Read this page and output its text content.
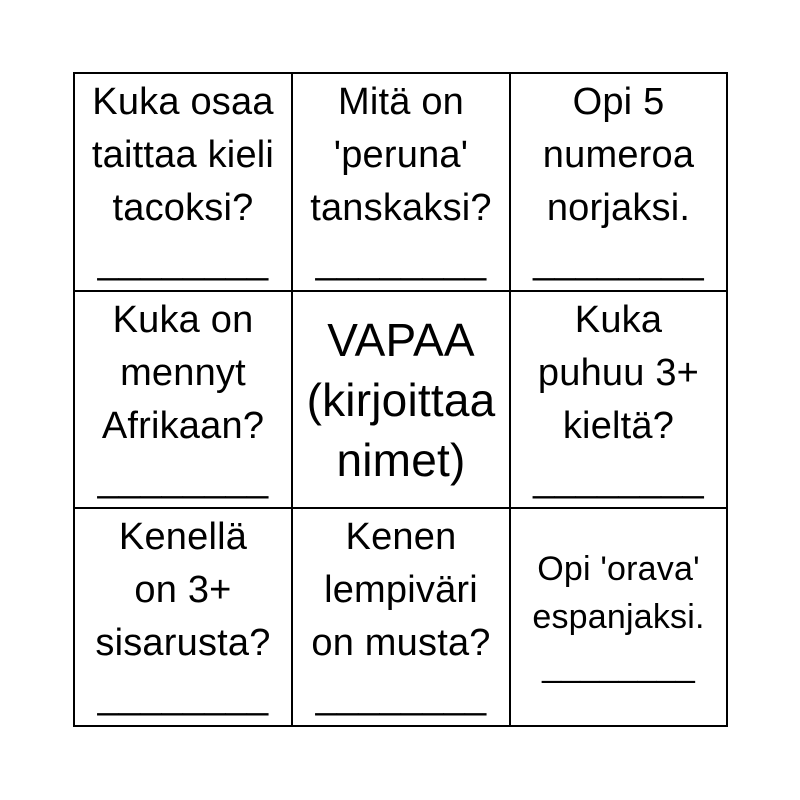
Kuka osaa
taittaa kieli
tacoksi?
________
Mitä on
'peruna'
tanskaksi?
________
Opi 5
numeroa
norjaksi.
________
Kuka on
mennyt
Afrikaan?
________
VAPAA
(kirjoittaa
nimet)
Kuka
puhuu 3+
kieltä?
________
Kenellä
on 3+
sisarusta?
________
Kenen
lempiväri
on musta?
________
Opi 'orava'
espanjaksi.
________
